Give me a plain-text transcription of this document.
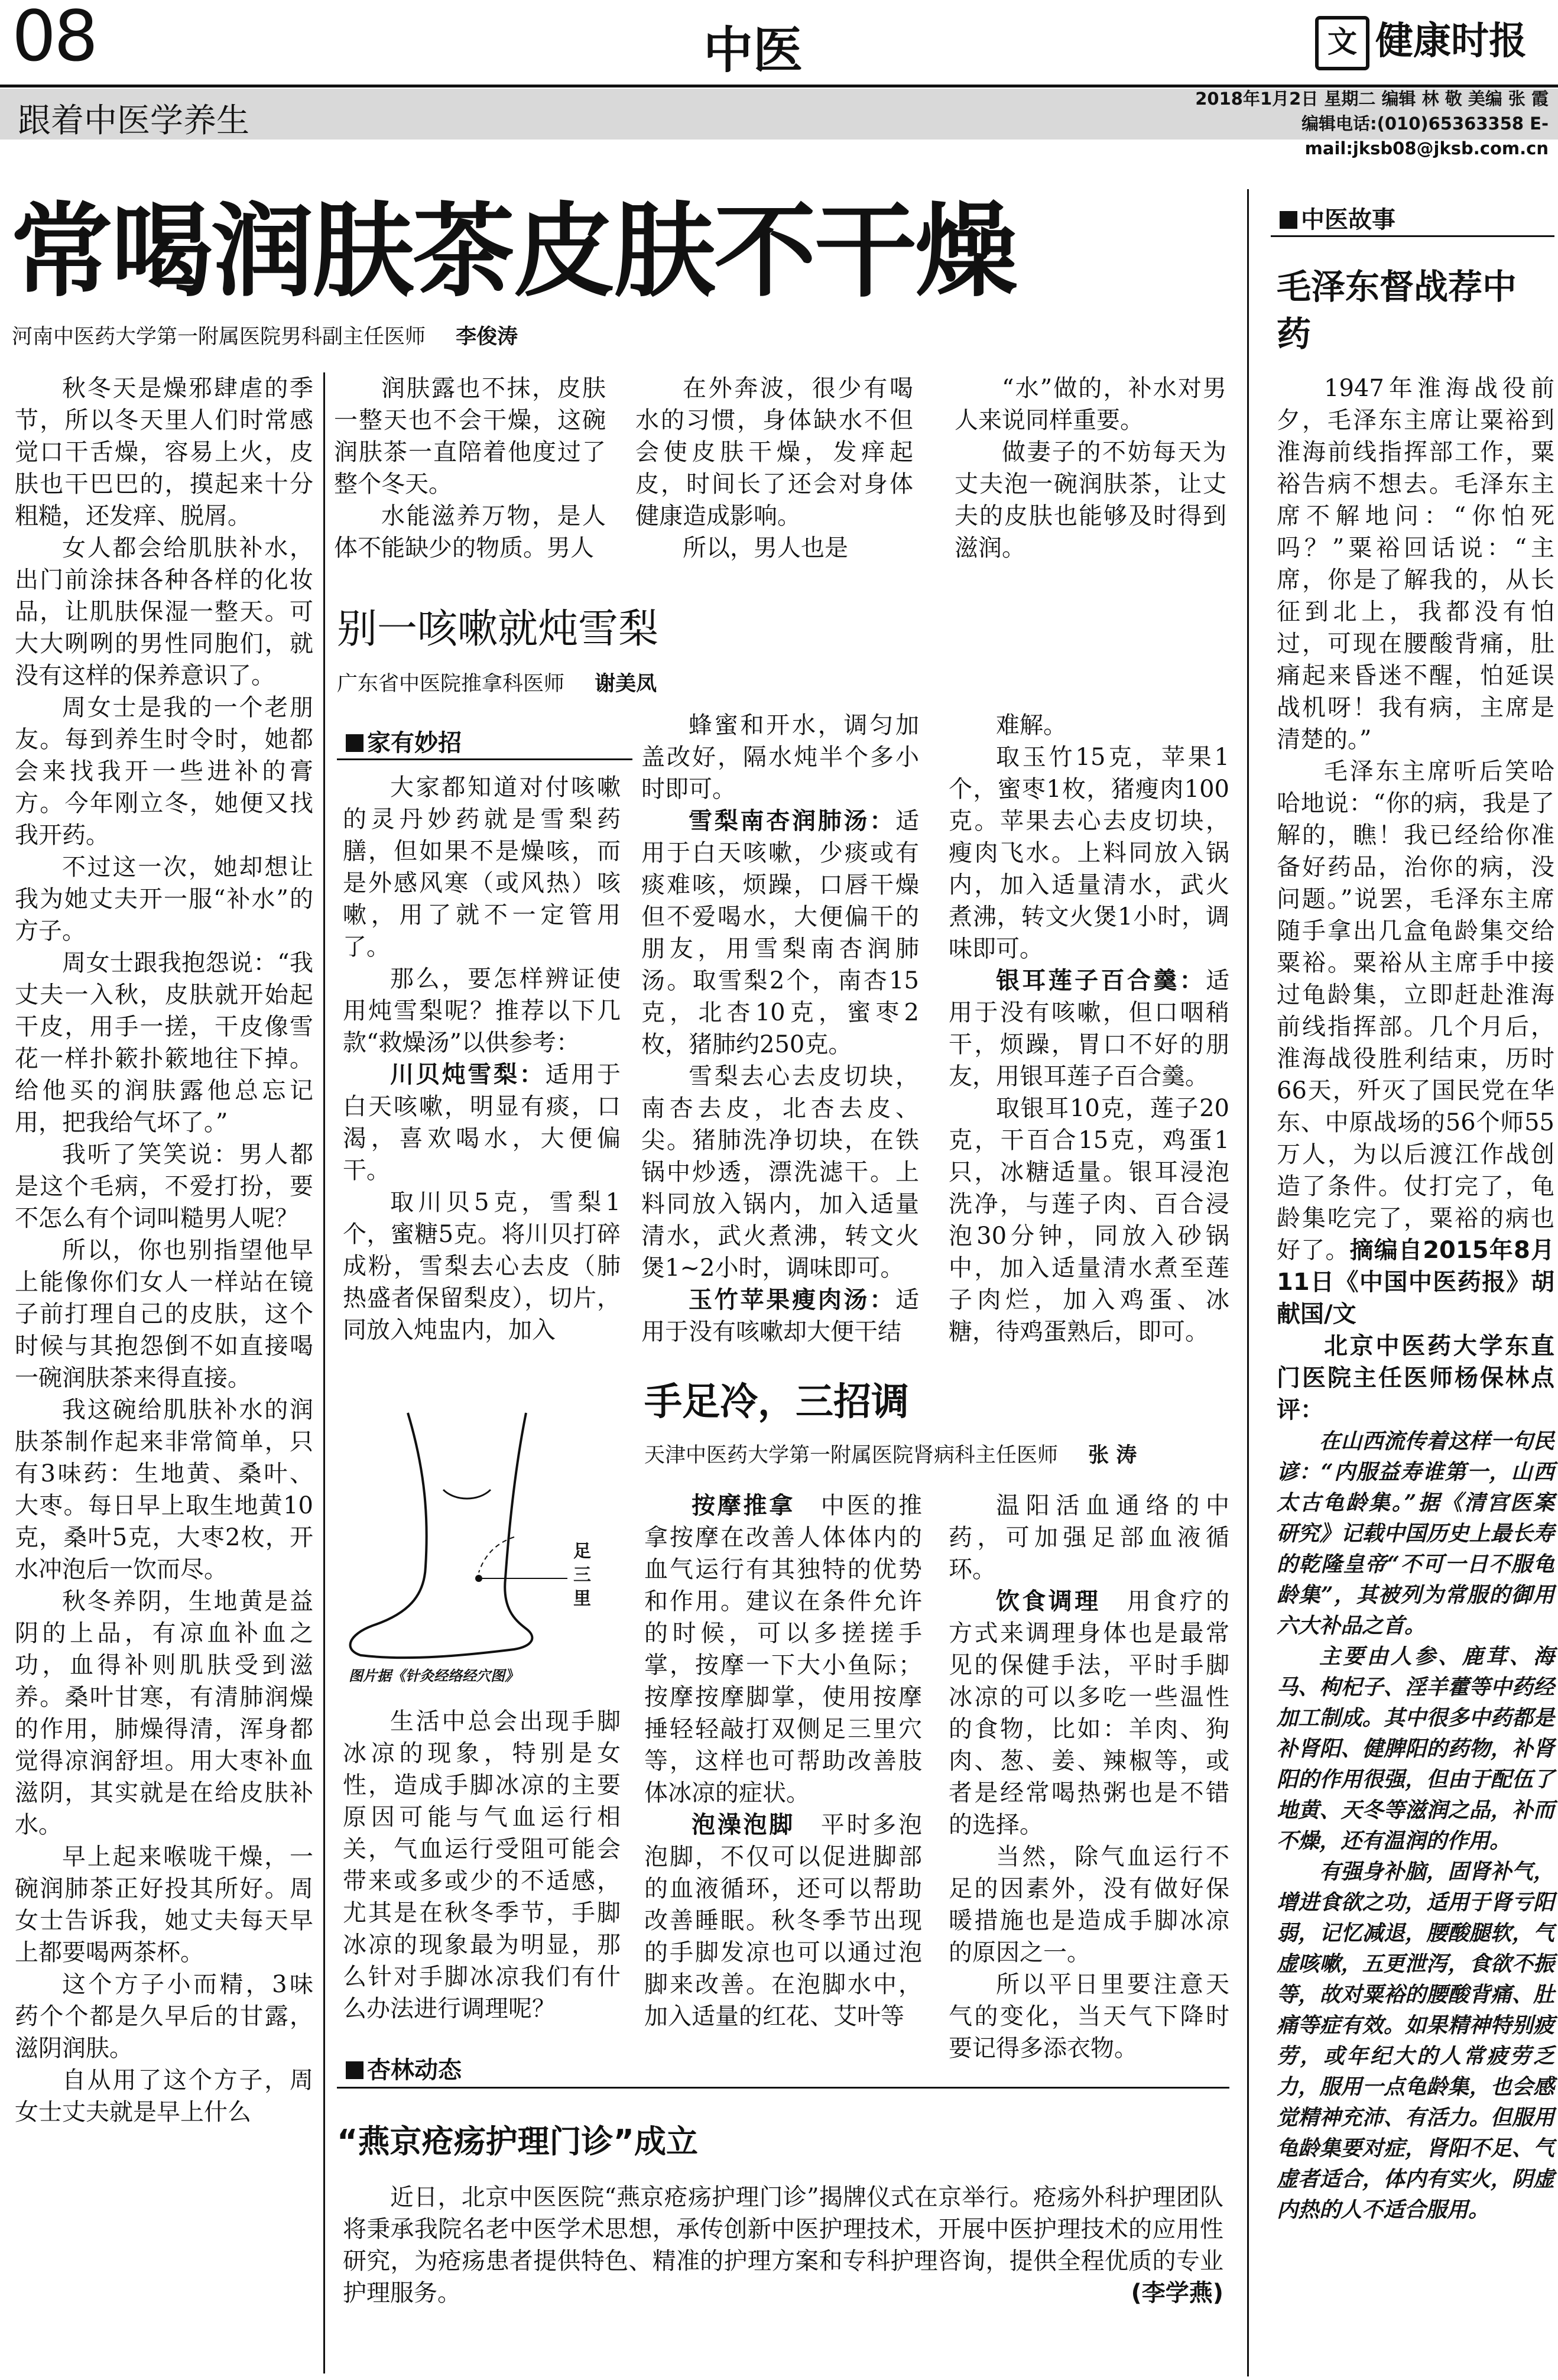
08	中医	文 健康时报
跟着中医学养生
2018年1月2日 星期二 编辑 林 敬 美编 张 霞
编辑电话:(010)65363358 E-mail:jksb08@jksb.com.cn
常喝润肤茶皮肤不干燥
河南中医药大学第一附属医院男科副主任医师 李俊涛

秋冬天是燥邪肆虐的季节，所以冬天里人们时常感觉口干舌燥，容易上火，皮肤也干巴巴的，摸起来十分粗糙，还发痒、脱屑。

女人都会给肌肤补水，出门前涂抹各种各样的化妆品，让肌肤保湿一整天。可大大咧咧的男性同胞们，就没有这样的保养意识了。

周女士是我的一个老朋友。每到养生时令时，她都会来找我开一些进补的膏方。今年刚立冬，她便又找我开药。

不过这一次，她却想让我为她丈夫开一服“补水”的方子。

周女士跟我抱怨说：“我丈夫一入秋，皮肤就开始起干皮，用手一搓，干皮像雪花一样扑簌扑簌地往下掉。给他买的润肤露他总忘记用，把我给气坏了。”

我听了笑笑说：男人都是这个毛病，不爱打扮，要不怎么有个词叫糙男人呢？

所以，你也别指望他早上能像你们女人一样站在镜子前打理自己的皮肤，这个时候与其抱怨倒不如直接喝一碗润肤茶来得直接。

我这碗给肌肤补水的润肤茶制作起来非常简单，只有3味药：生地黄、桑叶、大枣。每日早上取生地黄10克，桑叶5克，大枣2枚，开水冲泡后一饮而尽。

秋冬养阴，生地黄是益阴的上品，有凉血补血之功，血得补则肌肤受到滋养。桑叶甘寒，有清肺润燥的作用，肺燥得清，浑身都觉得凉润舒坦。用大枣补血滋阴，其实就是在给皮肤补水。

早上起来喉咙干燥，一碗润肺茶正好投其所好。周女士告诉我，她丈夫每天早上都要喝两茶杯。

这个方子小而精，3味药个个都是久早后的甘露，滋阴润肤。

自从用了这个方子，周女士丈夫就是早上什么

润肤露也不抹，皮肤一整天也不会干燥，这碗润肤茶一直陪着他度过了整个冬天。

水能滋养万物，是人体不能缺少的物质。男人

在外奔波，很少有喝水的习惯，身体缺水不但会使皮肤干燥，发痒起皮，时间长了还会对身体健康造成影响。

所以，男人也是

“水”做的，补水对男人来说同样重要。

做妻子的不妨每天为丈夫泡一碗润肤茶，让丈夫的皮肤也能够及时得到滋润。

别一咳嗽就炖雪梨
广东省中医院推拿科医师 谢美凤
家有妙招

大家都知道对付咳嗽的灵丹妙药就是雪梨药膳，但如果不是燥咳，而是外感风寒（或风热）咳嗽，用了就不一定管用了。

那么，要怎样辨证使用炖雪梨呢？推荐以下几款“救燥汤”以供参考：

川贝炖雪梨：适用于白天咳嗽，明显有痰，口渴，喜欢喝水，大便偏干。

取川贝5克，雪梨1个，蜜糖5克。将川贝打碎成粉，雪梨去心去皮（肺热盛者保留梨皮），切片，同放入炖盅内，加入

蜂蜜和开水，调匀加盖改好，隔水炖半个多小时即可。

雪梨南杏润肺汤：适用于白天咳嗽，少痰或有痰难咳，烦躁，口唇干燥但不爱喝水，大便偏干的朋友，用雪梨南杏润肺汤。取雪梨2个，南杏15克，北杏10克，蜜枣2枚，猪肺约250克。

雪梨去心去皮切块，南杏去皮，北杏去皮、尖。猪肺洗净切块，在铁锅中炒透，漂洗滤干。上料同放入锅内，加入适量清水，武火煮沸，转文火煲1~2小时，调味即可。

玉竹苹果瘦肉汤：适用于没有咳嗽却大便干结

难解。

取玉竹15克，苹果1个，蜜枣1枚，猪瘦肉100克。苹果去心去皮切块，瘦肉飞水。上料同放入锅内，加入适量清水，武火煮沸，转文火煲1小时，调味即可。

银耳莲子百合羹：适用于没有咳嗽，但口咽稍干，烦躁，胃口不好的朋友，用银耳莲子百合羹。

取银耳10克，莲子20克，干百合15克，鸡蛋1只，冰糖适量。银耳浸泡洗净，与莲子肉、百合浸泡30分钟，同放入砂锅中，加入适量清水煮至莲子肉烂，加入鸡蛋、冰糖，待鸡蛋熟后，即可。

手足冷，三招调
天津中医药大学第一附属医院肾病科主任医师 张 涛
足三里
图片据《针灸经络经穴图》

生活中总会出现手脚冰凉的现象，特别是女性，造成手脚冰凉的主要原因可能与气血运行相关，气血运行受阻可能会带来或多或少的不适感，尤其是在秋冬季节，手脚冰凉的现象最为明显，那么针对手脚冰凉我们有什么办法进行调理呢？

按摩推拿　中医的推拿按摩在改善人体体内的血气运行有其独特的优势和作用。建议在条件允许的时候，可以多搓搓手掌，按摩一下大小鱼际；按摩按摩脚掌，使用按摩捶轻轻敲打双侧足三里穴等，这样也可帮助改善肢体冰凉的症状。

泡澡泡脚　平时多泡泡脚，不仅可以促进脚部的血液循环，还可以帮助改善睡眠。秋冬季节出现的手脚发凉也可以通过泡脚来改善。在泡脚水中，加入适量的红花、艾叶等

温阳活血通络的中药，可加强足部血液循环。

饮食调理　用食疗的方式来调理身体也是最常见的保健手法，平时手脚冰凉的可以多吃一些温性的食物，比如：羊肉、狗肉、葱、姜、辣椒等，或者是经常喝热粥也是不错的选择。

当然，除气血运行不足的因素外，没有做好保暖措施也是造成手脚冰凉的原因之一。

所以平日里要注意天气的变化，当天气下降时要记得多添衣物。

杏林动态
“燕京疮疡护理门诊”成立

近日，北京中医医院“燕京疮疡护理门诊”揭牌仪式在京举行。疮疡外科护理团队将秉承我院名老中医学术思想，承传创新中医护理技术，开展中医护理技术的应用性研究，为疮疡患者提供特色、精准的护理方案和专科护理咨询，提供全程优质的专业护理服务。	(李学燕)
中医故事
毛泽东督战荐中药

1947年淮海战役前夕，毛泽东主席让粟裕到淮海前线指挥部工作，粟裕告病不想去。毛泽东主席不解地问：“你怕死吗？”粟裕回话说：“主席，你是了解我的，从长征到北上，我都没有怕过，可现在腰酸背痛，肚痛起来昏迷不醒，怕延误战机呀！我有病，主席是清楚的。”

毛泽东主席听后笑哈哈地说：“你的病，我是了解的，瞧！我已经给你准备好药品，治你的病，没问题。”说罢，毛泽东主席随手拿出几盒龟龄集交给粟裕。粟裕从主席手中接过龟龄集，立即赶赴淮海前线指挥部。几个月后，淮海战役胜利结束，历时66天，歼灭了国民党在华东、中原战场的56个师55万人，为以后渡江作战创造了条件。仗打完了，龟龄集吃完了，粟裕的病也好了。摘编自2015年8月11日《中国中医药报》胡献国/文

北京中医药大学东直门医院主任医师杨保林点评：

在山西流传着这样一句民谚：“内服益寿谁第一，山西太古龟龄集。”据《清宫医案研究》记载中国历史上最长寿的乾隆皇帝“不可一日不服龟龄集”，其被列为常服的御用六大补品之首。

主要由人参、鹿茸、海马、枸杞子、淫羊藿等中药经加工制成。其中很多中药都是补肾阳、健脾阳的药物，补肾阳的作用很强，但由于配伍了地黄、天冬等滋润之品，补而不燥，还有温润的作用。

有强身补脑，固肾补气，增进食欲之功，适用于肾亏阳弱，记忆减退，腰酸腿软，气虚咳嗽，五更泄泻，食欲不振等，故对粟裕的腰酸背痛、肚痛等症有效。如果精神特别疲劳，或年纪大的人常疲劳乏力，服用一点龟龄集，也会感觉精神充沛、有活力。但服用龟龄集要对症，肾阳不足、气虚者适合，体内有实火，阴虚内热的人不适合服用。
